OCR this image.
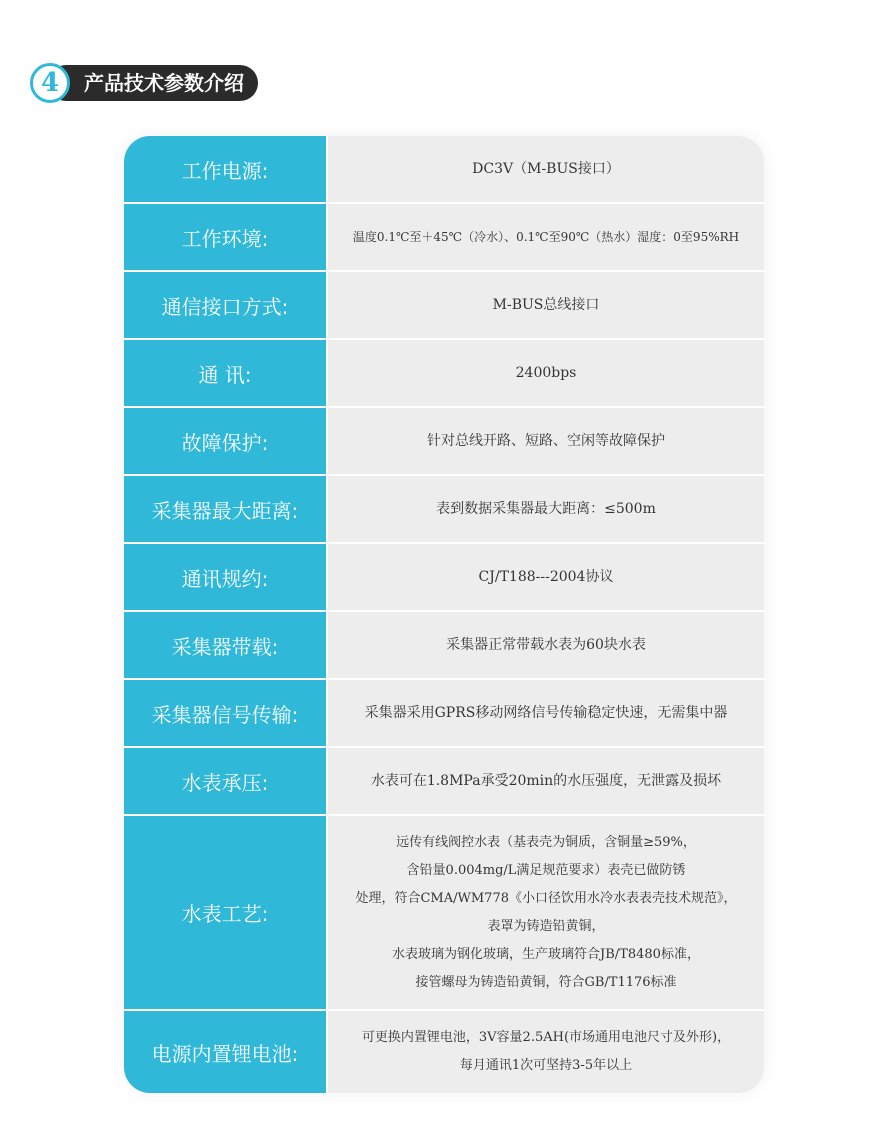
4	产品技术参数介绍
工作电源:	DC3V（M-BUS接口）
工作环境:	温度0.1℃至＋45℃（冷水）、0.1℃至90℃（热水）湿度：0至95%RH
通信接口方式:	M-BUS总线接口
通 讯:	2400bps
故障保护:	针对总线开路、短路、空闲等故障保护
采集器最大距离:	表到数据采集器最大距离：≤500m
通讯规约:	CJ/T188---2004协议
采集器带载:	采集器正常带载水表为60块水表
采集器信号传输:	采集器采用GPRS移动网络信号传输稳定快速，无需集中器
水表承压:	水表可在1.8MPa承受20min的水压强度，无泄露及损坏
水表工艺:
远传有线阀控水表（基表壳为铜质，含铜量≥59%，
含铅量0.004mg/L满足规范要求）表壳已做防锈
处理，符合CMA/WM778《小口径饮用水冷水表表壳技术规范》，
表罩为铸造铅黄铜，
水表玻璃为钢化玻璃，生产玻璃符合JB/T8480标准，
接管螺母为铸造铅黄铜，符合GB/T1176标准
电源内置锂电池:
可更换内置锂电池，3V容量2.5AH(市场通用电池尺寸及外形)，
每月通讯1次可坚持3-5年以上
